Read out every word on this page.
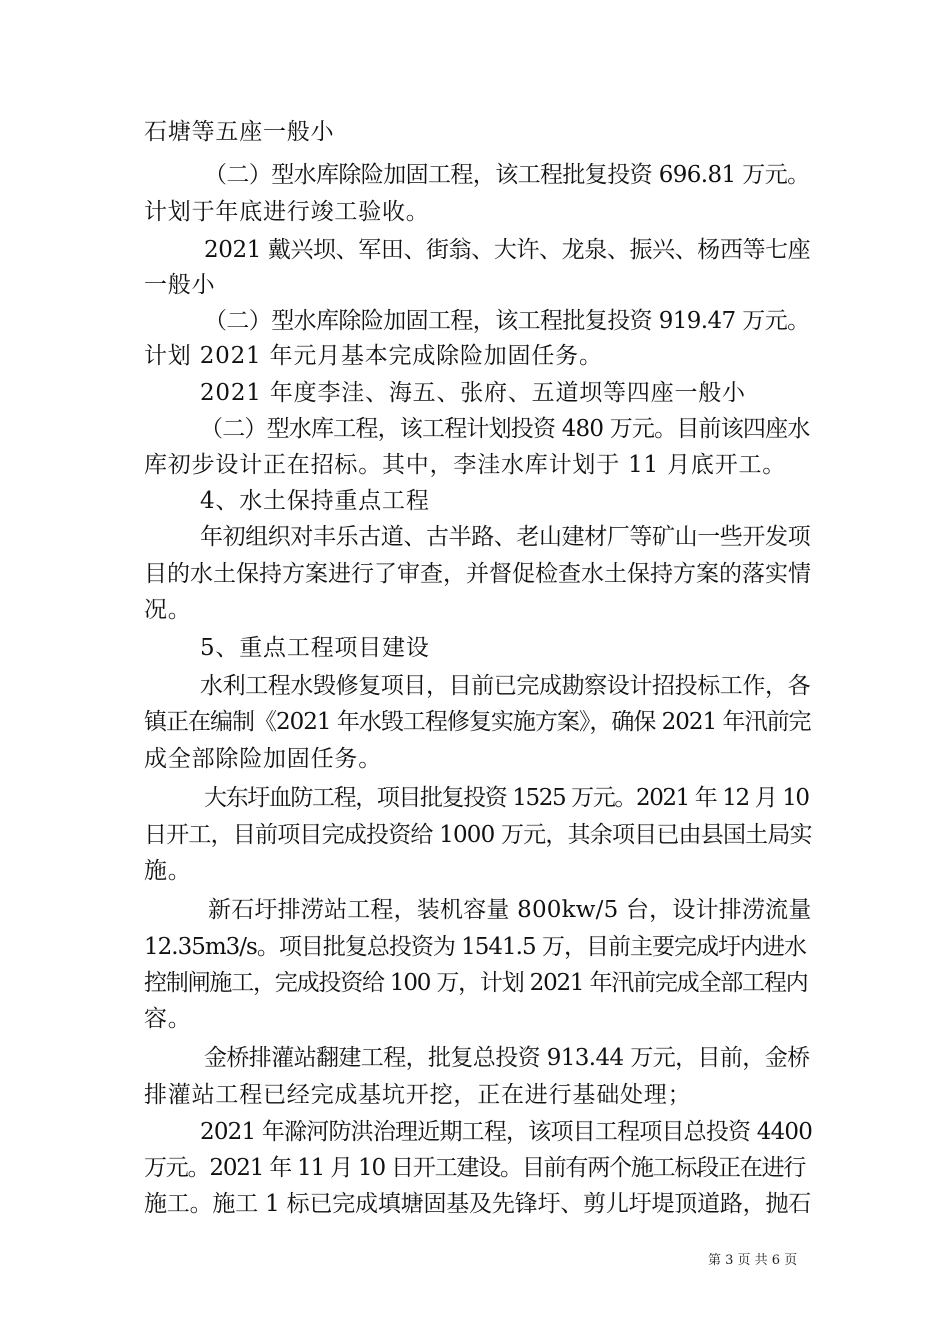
石塘等五座一般小
（二）型水库除险加固工程，该工程批复投资 696.81 万元。
计划于年底进行竣工验收。
2021 戴兴坝、军田、街翁、大许、龙泉、振兴、杨西等七座
一般小
（二）型水库除险加固工程，该工程批复投资 919.47 万元。
计划 2021 年元月基本完成除险加固任务。
2021 年度李洼、海五、张府、五道坝等四座一般小
（二）型水库工程，该工程计划投资 480 万元。目前该四座水
库初步设计正在招标。其中，李洼水库计划于 11 月底开工。
4、水土保持重点工程
年初组织对丰乐古道、古半路、老山建材厂等矿山一些开发项
目的水土保持方案进行了审查，并督促检查水土保持方案的落实情
况。
5、重点工程项目建设
水利工程水毁修复项目，目前已完成勘察设计招投标工作，各
镇正在编制《2021 年水毁工程修复实施方案》，确保 2021 年汛前完
成全部除险加固任务。
大东圩血防工程，项目批复投资 1525 万元。2021 年 12 月 10
日开工，目前项目完成投资给 1000 万元，其余项目已由县国土局实
施。
新石圩排涝站工程，装机容量 800kw/5 台，设计排涝流量
12.35m3/s。项目批复总投资为 1541.5 万，目前主要完成圩内进水
控制闸施工，完成投资给 100 万，计划 2021 年汛前完成全部工程内
容。
金桥排灌站翻建工程，批复总投资 913.44 万元，目前，金桥
排灌站工程已经完成基坑开挖，正在进行基础处理；
2021 年滁河防洪治理近期工程，该项目工程项目总投资 4400
万元。2021 年 11 月 10 日开工建设。目前有两个施工标段正在进行
施工。施工 1 标已完成填塘固基及先锋圩、剪儿圩堤顶道路，抛石
第 3 页 共 6 页
